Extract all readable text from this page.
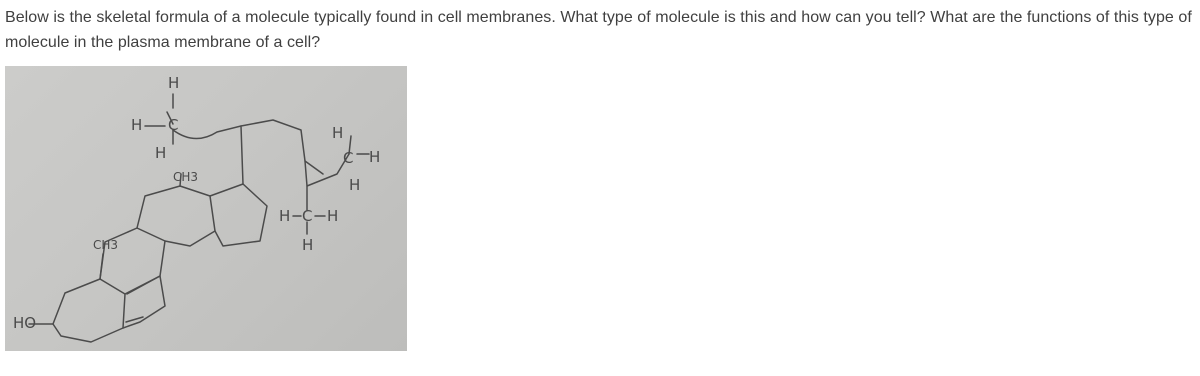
Below is the skeletal formula of a molecule typically found in cell membranes. What type of molecule is this and how can you tell? What are the functions of this type of molecule in the plasma membrane of a cell?
HO
CH3
CH3
H
H C
H
H
C H
H
H C H
H
